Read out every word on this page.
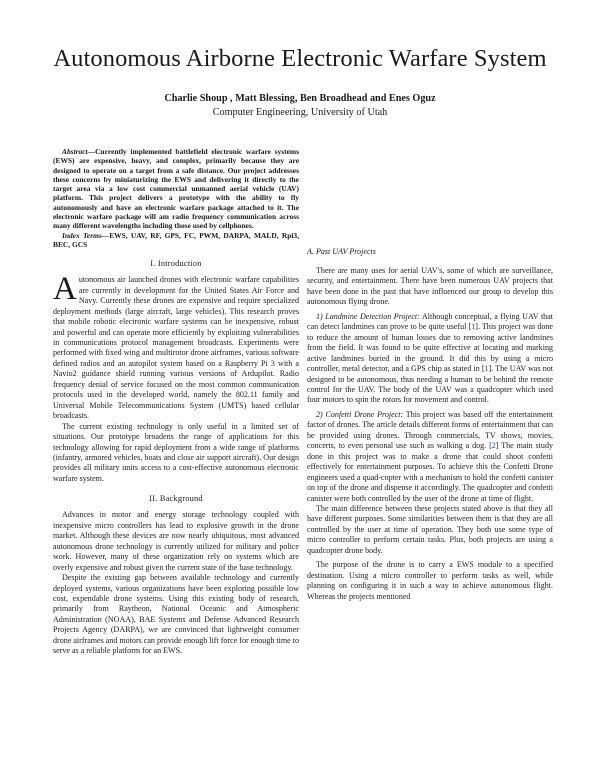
Autonomous Airborne Electronic Warfare System
Charlie Shoup , Matt Blessing, Ben Broadhead and Enes Oguz
Computer Engineering, University of Utah

Abstract—Currently implemented battlefield electronic warfare systems (EWS) are expensive, heavy, and complex, primarily because they are designed to operate on a target from a safe distance. Our project addresses these concerns by miniaturizing the EWS and delivering it directly to the target area via a low cost commercial unmanned aerial vehicle (UAV) platform. This project delivers a prototype with the ability to fly autonomously and have an electronic warfare package attached to it. The electronic warfare package will am radio frequency communication across many different wavelengths including those used by cellphones.

Index Terms—EWS, UAV, RF, GPS, FC, PWM, DARPA, MALD, Rpi3, BEC, GCS

I. Introduction

Autonomous air launched drones with electronic warfare capabilities are currently in development for the United States Air Force and Navy. Currently these drones are expensive and require specialized deployment methods (large aircraft, large vehicles). This research proves that mobile robotic electronic warfare systems can be inexpensive, robust and powerful and can operate more efficiently by exploiting vulnerabilities in communications protocol management broadcasts. Experiments were performed with fixed wing and multirotor drone airframes, various software defined radios and an autopilot system based on a Raspberry Pi 3 with a Navio2 guidance shield running various versions of Ardupilot. Radio frequency denial of service focused on the most common communication protocols used in the developed world, namely the 802.11 family and Universal Mobile Telecommunications System (UMTS) based cellular broadcasts.

The current existing technology is only useful in a limited set of situations. Our prototype broadens the range of applications for this technology allowing for rapid deployment from a wide range of platforms (infantry, armored vehicles, boats and close air support aircraft). Our design provides all military units access to a cost-effective autonomous electronic warfare system.

II. Background

Advances in motor and energy storage technology coupled with inexpensive micro controllers has lead to explosive growth in the drone market. Although these devices are now nearly ubiquitous, most advanced autonomous drone technology is currently utilized for military and police work. However, many of these organization rely on systems which are overly expensive and robust given the current state of the base technology.

Despite the existing gap between available technology and currently deployed systems, various organizations have been exploring possible low cost, expendable drone systems. Using this existing body of research, primarily from Raytheon, National Oceanic and Atmospheric Administration (NOAA), BAE Systems and Defense Advanced Research Projects Agency (DARPA), we are convinced that lightweight consumer drone airframes and motors can provide enough lift force for enough time to serve as a reliable platform for an EWS.

A. Past UAV Projects

There are many uses for aerial UAV's, some of which are surveillance, security, and entertainment. There have been numerous UAV projects that have been done in the past that have influenced our group to develop this autonomous flying drone.

1) Landmine Detection Project: Although conceptual, a flying UAV that can detect landmines can prove to be quite useful [1]. This project was done to reduce the amount of human losses due to removing active landmines from the field. It was found to be quite effective at locating and marking active landmines buried in the ground. It did this by using a micro controller, metal detector, and a GPS chip as stated in [1]. The UAV was not designed to be autonomous, thus needing a human to be behind the remote control for the UAV. The body of the UAV was a quadcopter which used four motors to spin the rotors for movement and control.

2) Confetti Drone Project: This project was based off the entertainment factor of drones. The article details different forms of entertainment that can be provided using drones. Through commercials, TV shows, movies, concerts, to even personal use such as walking a dog. [2] The main study done in this project was to make a drone that could shoot confetti effectively for entertainment purposes. To achieve this the Confetti Drone engineers used a quad-copter with a mechanism to hold the confetti canister on top of the drone and dispense it accordingly. The quadcopter and confetti canister were both controlled by the user of the drone at time of flight.

The main difference between these projects stated above is that they all have different purposes. Some similarities between them is that they are all controlled by the user at time of operation. They both use some type of micro controller to perform certain tasks. Plus, both projects are using a quadcopter drone body.

The purpose of the drone is to carry a EWS module to a specified destination. Using a micro controller to perform tasks as well, while planning on configuring it in such a way to achieve autonomous flight. Whereas the projects mentioned
